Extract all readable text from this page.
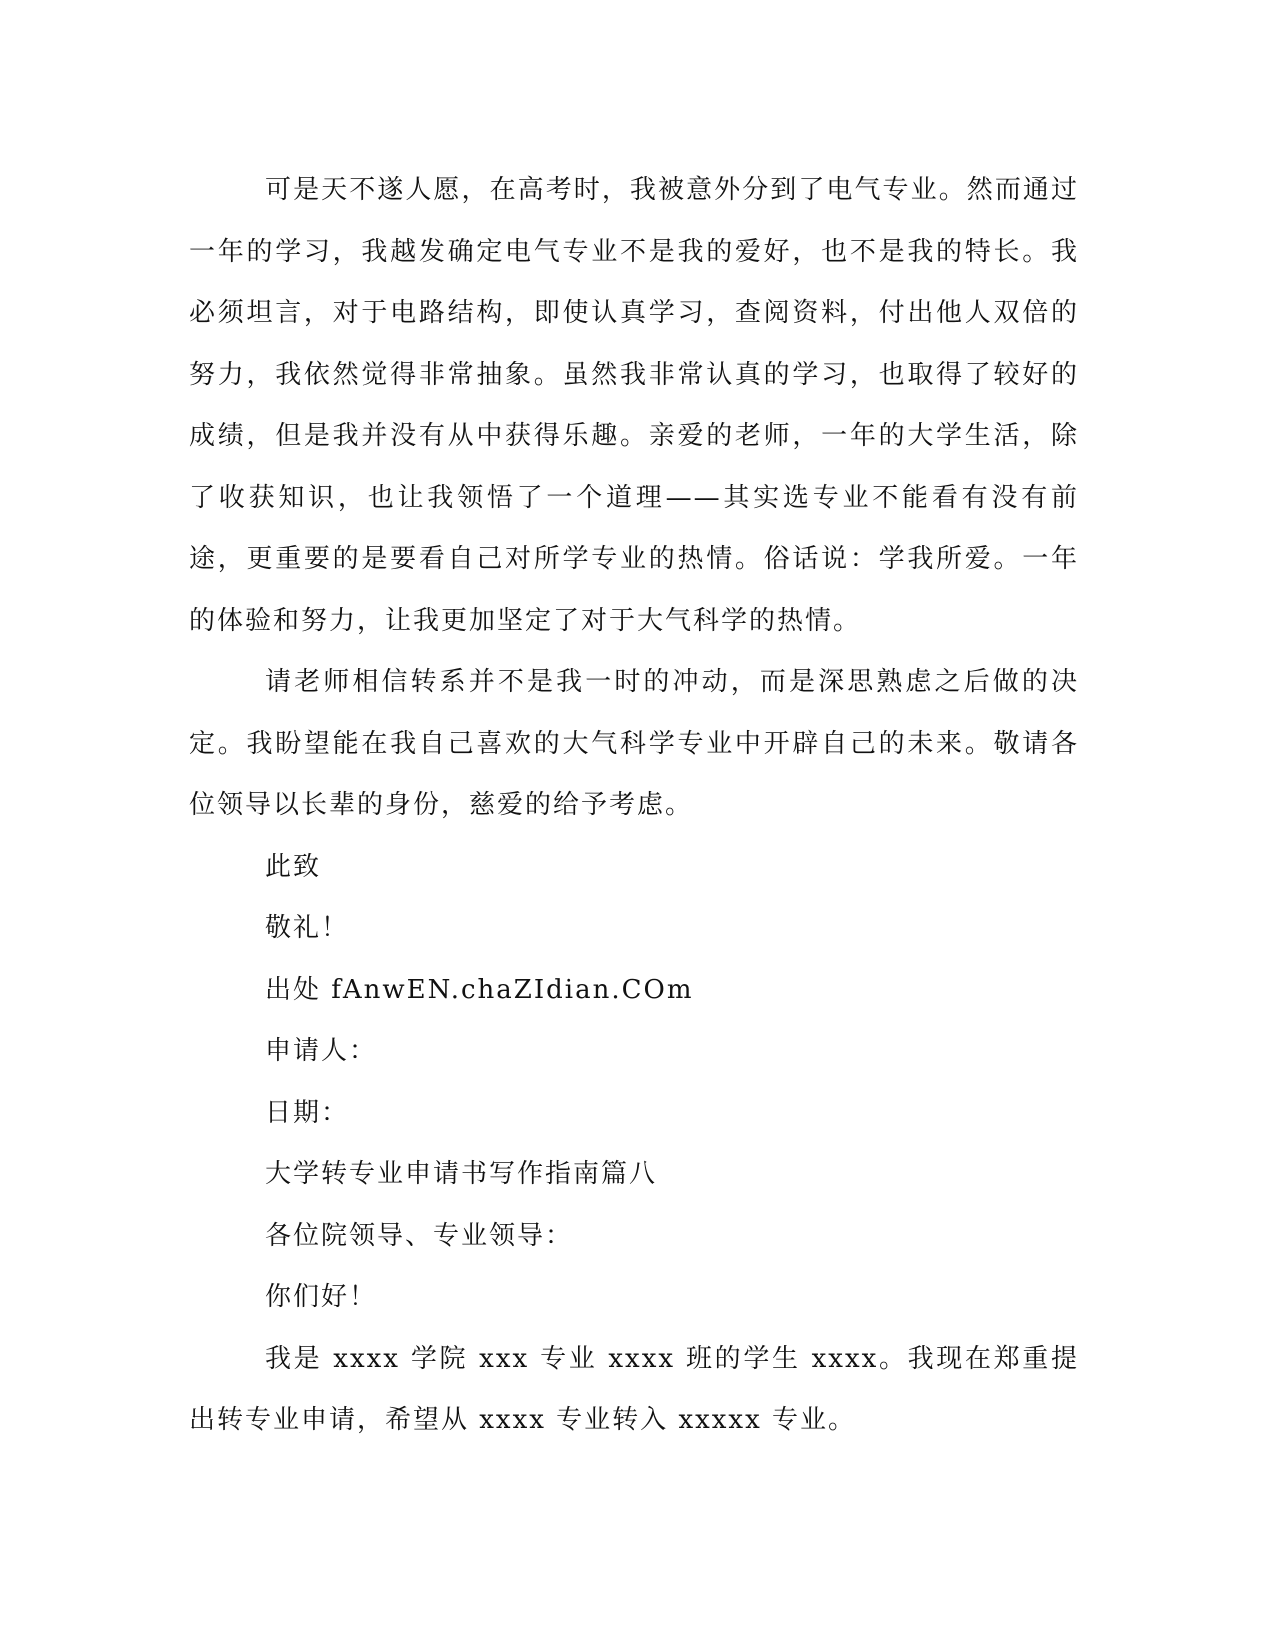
可是天不遂人愿，在高考时，我被意外分到了电气专业。然而通过一年的学习，我越发确定电气专业不是我的爱好，也不是我的特长。我必须坦言，对于电路结构，即使认真学习，查阅资料，付出他人双倍的努力，我依然觉得非常抽象。虽然我非常认真的学习，也取得了较好的成绩，但是我并没有从中获得乐趣。亲爱的老师，一年的大学生活，除了收获知识，也让我领悟了一个道理——其实选专业不能看有没有前途，更重要的是要看自己对所学专业的热情。俗话说：学我所爱。一年的体验和努力，让我更加坚定了对于大气科学的热情。

请老师相信转系并不是我一时的冲动，而是深思熟虑之后做的决定。我盼望能在我自己喜欢的大气科学专业中开辟自己的未来。敬请各位领导以长辈的身份，慈爱的给予考虑。

此致

敬礼！

出处 fAnwEN.chaZIdian.COm

申请人：

日期：

大学转专业申请书写作指南篇八

各位院领导、专业领导：

你们好！

我是 xxxx 学院 xxx 专业 xxxx 班的学生 xxxx。我现在郑重提出转专业申请，希望从 xxxx 专业转入 xxxxx 专业。
